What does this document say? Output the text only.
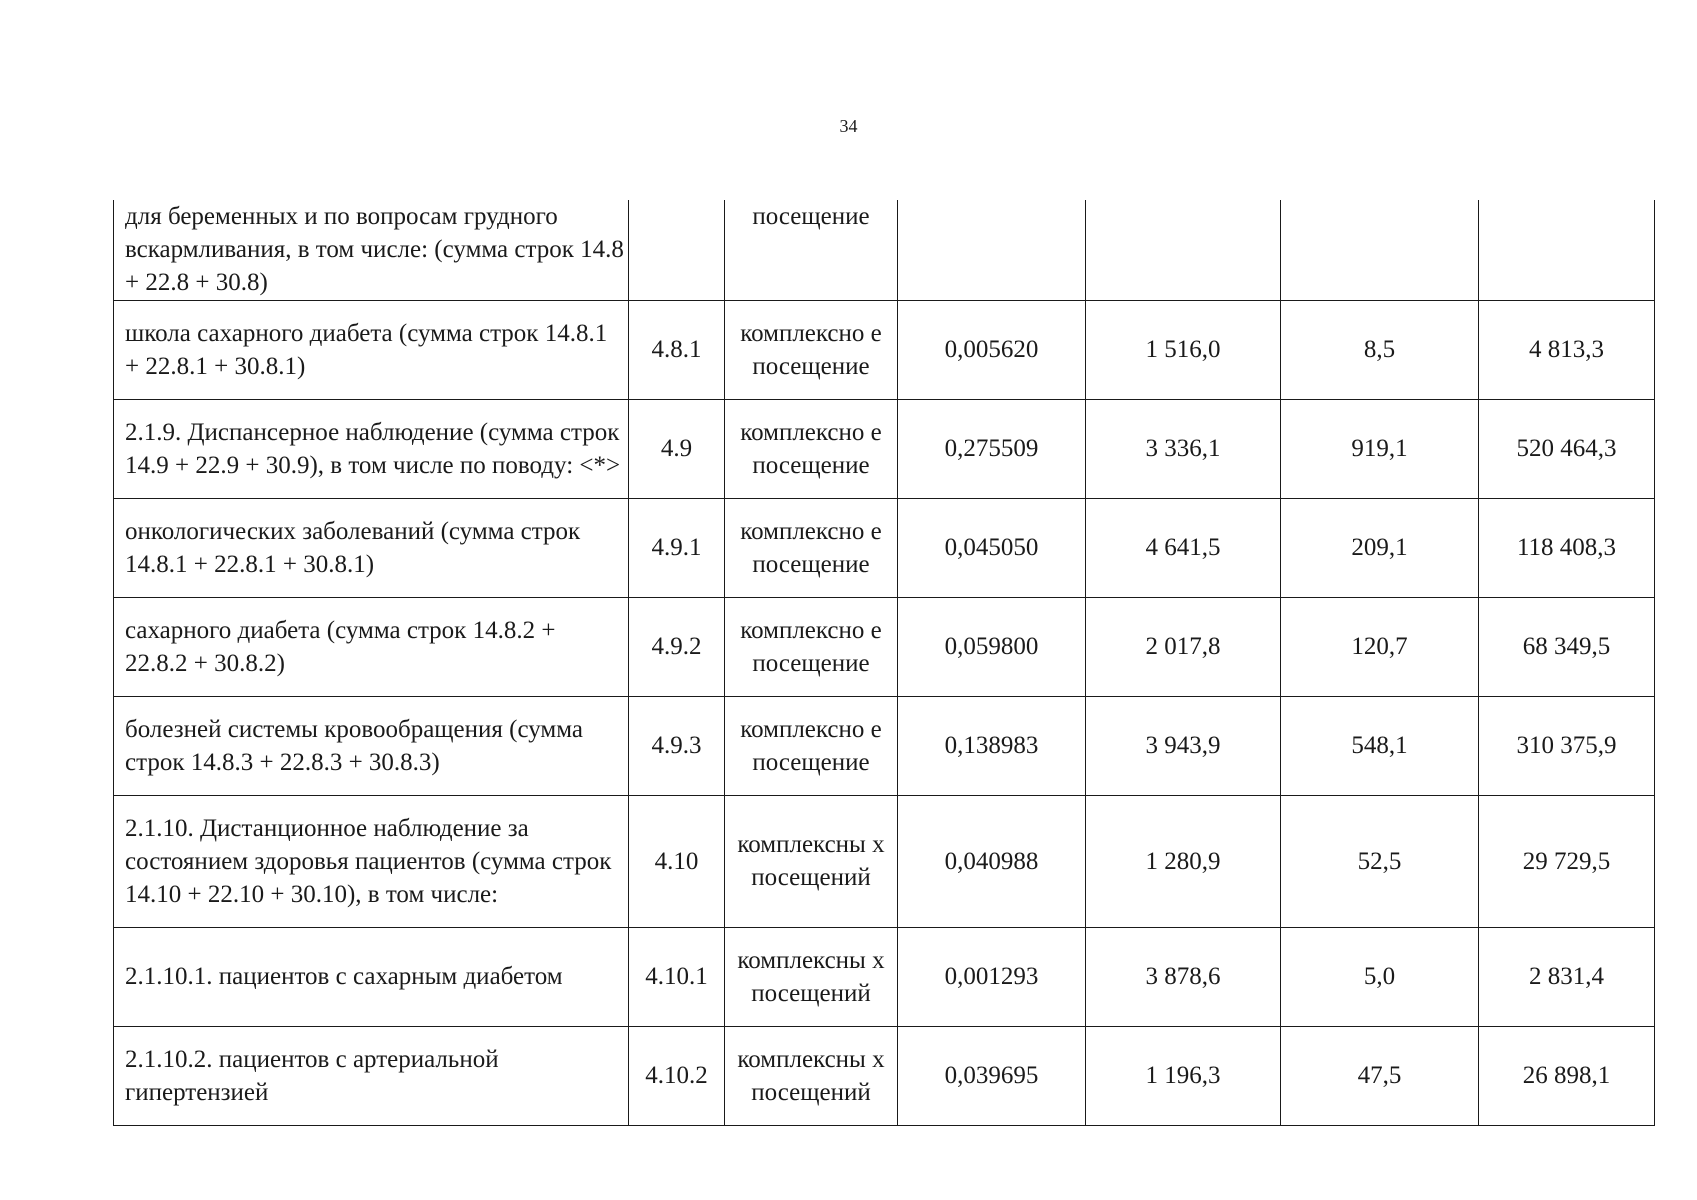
34
для беременных и по вопросам грудного вскармливания, в том числе: (сумма строк 14.8 + 22.8 + 30.8)		посещение				
школа сахарного диабета (сумма строк 14.8.1 + 22.8.1 + 30.8.1)	4.8.1	комплексно е посещение	0,005620	1 516,0	8,5	4 813,3
2.1.9. Диспансерное наблюдение (сумма строк 14.9 + 22.9 + 30.9), в том числе по поводу: <*>	4.9	комплексно е посещение	0,275509	3 336,1	919,1	520 464,3
онкологических заболеваний (сумма строк 14.8.1 + 22.8.1 + 30.8.1)	4.9.1	комплексно е посещение	0,045050	4 641,5	209,1	118 408,3
сахарного диабета (сумма строк 14.8.2 + 22.8.2 + 30.8.2)	4.9.2	комплексно е посещение	0,059800	2 017,8	120,7	68 349,5
болезней системы кровообращения (сумма строк 14.8.3 + 22.8.3 + 30.8.3)	4.9.3	комплексно е посещение	0,138983	3 943,9	548,1	310 375,9
2.1.10. Дистанционное наблюдение за состоянием здоровья пациентов (сумма строк 14.10 + 22.10 + 30.10), в том числе:	4.10	комплексны х посещений	0,040988	1 280,9	52,5	29 729,5
2.1.10.1. пациентов с сахарным диабетом	4.10.1	комплексны х посещений	0,001293	3 878,6	5,0	2 831,4
2.1.10.2. пациентов с артериальной гипертензией	4.10.2	комплексны х посещений	0,039695	1 196,3	47,5	26 898,1
